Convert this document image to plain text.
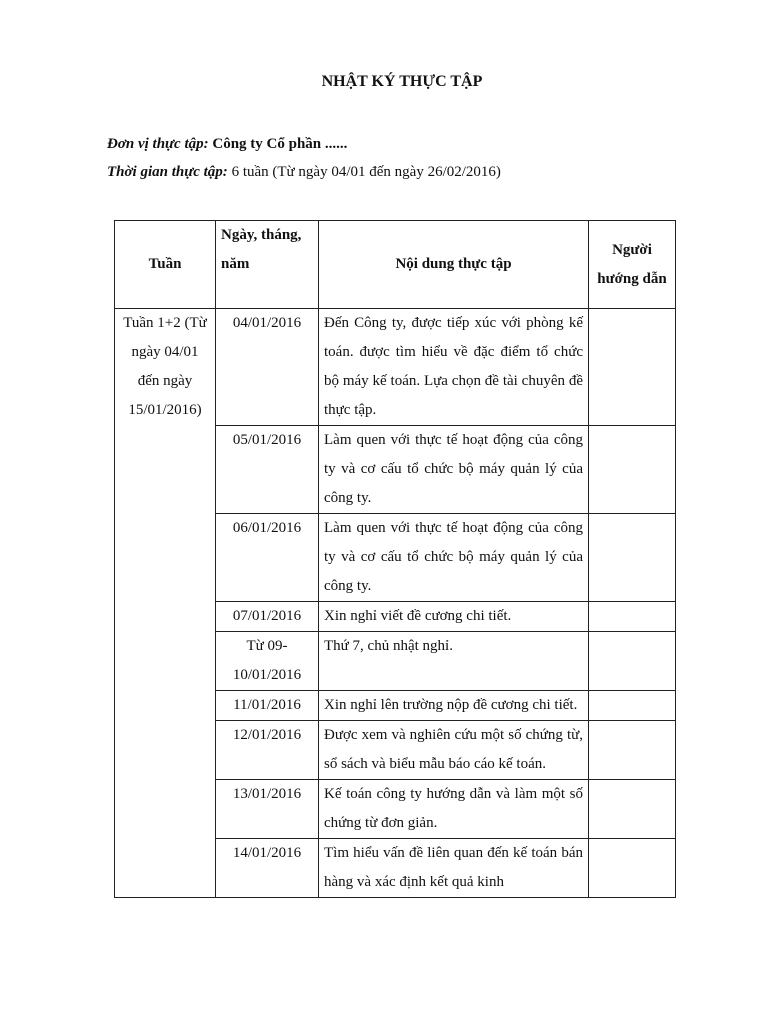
NHẬT KÝ THỰC TẬP
Đơn vị thực tập: Công ty Cổ phần ......
Thời gian thực tập: 6 tuần (Từ ngày 04/01 đến ngày 26/02/2016)
Tuần	Ngày, tháng, năm	Nội dung thực tập	Người hướng dẫn
Tuần 1+2 (Từ ngày 04/01 đến ngày 15/01/2016)	04/01/2016	Đến Công ty, được tiếp xúc với phòng kế toán. được tìm hiểu về đặc điểm tổ chức bộ máy kế toán. Lựa chọn đề tài chuyên đề thực tập.	
	05/01/2016	Làm quen với thực tế hoạt động của công ty và cơ cấu tổ chức bộ máy quản lý của công ty.	
	06/01/2016	Làm quen với thực tế hoạt động của công ty và cơ cấu tổ chức bộ máy quản lý của công ty.	
	07/01/2016	Xin nghỉ viết đề cương chi tiết.	
	Từ 09-10/01/2016	Thứ 7, chủ nhật nghỉ.	
	11/01/2016	Xin nghỉ lên trường nộp đề cương chi tiết.	
	12/01/2016	Được xem và nghiên cứu một số chứng từ, sổ sách và biểu mẫu báo cáo kế toán.	
	13/01/2016	Kế toán công ty hướng dẫn và làm một số chứng từ đơn giản.	
	14/01/2016	Tìm hiểu vấn đề liên quan đến kế toán bán hàng và xác định kết quả kinh	
